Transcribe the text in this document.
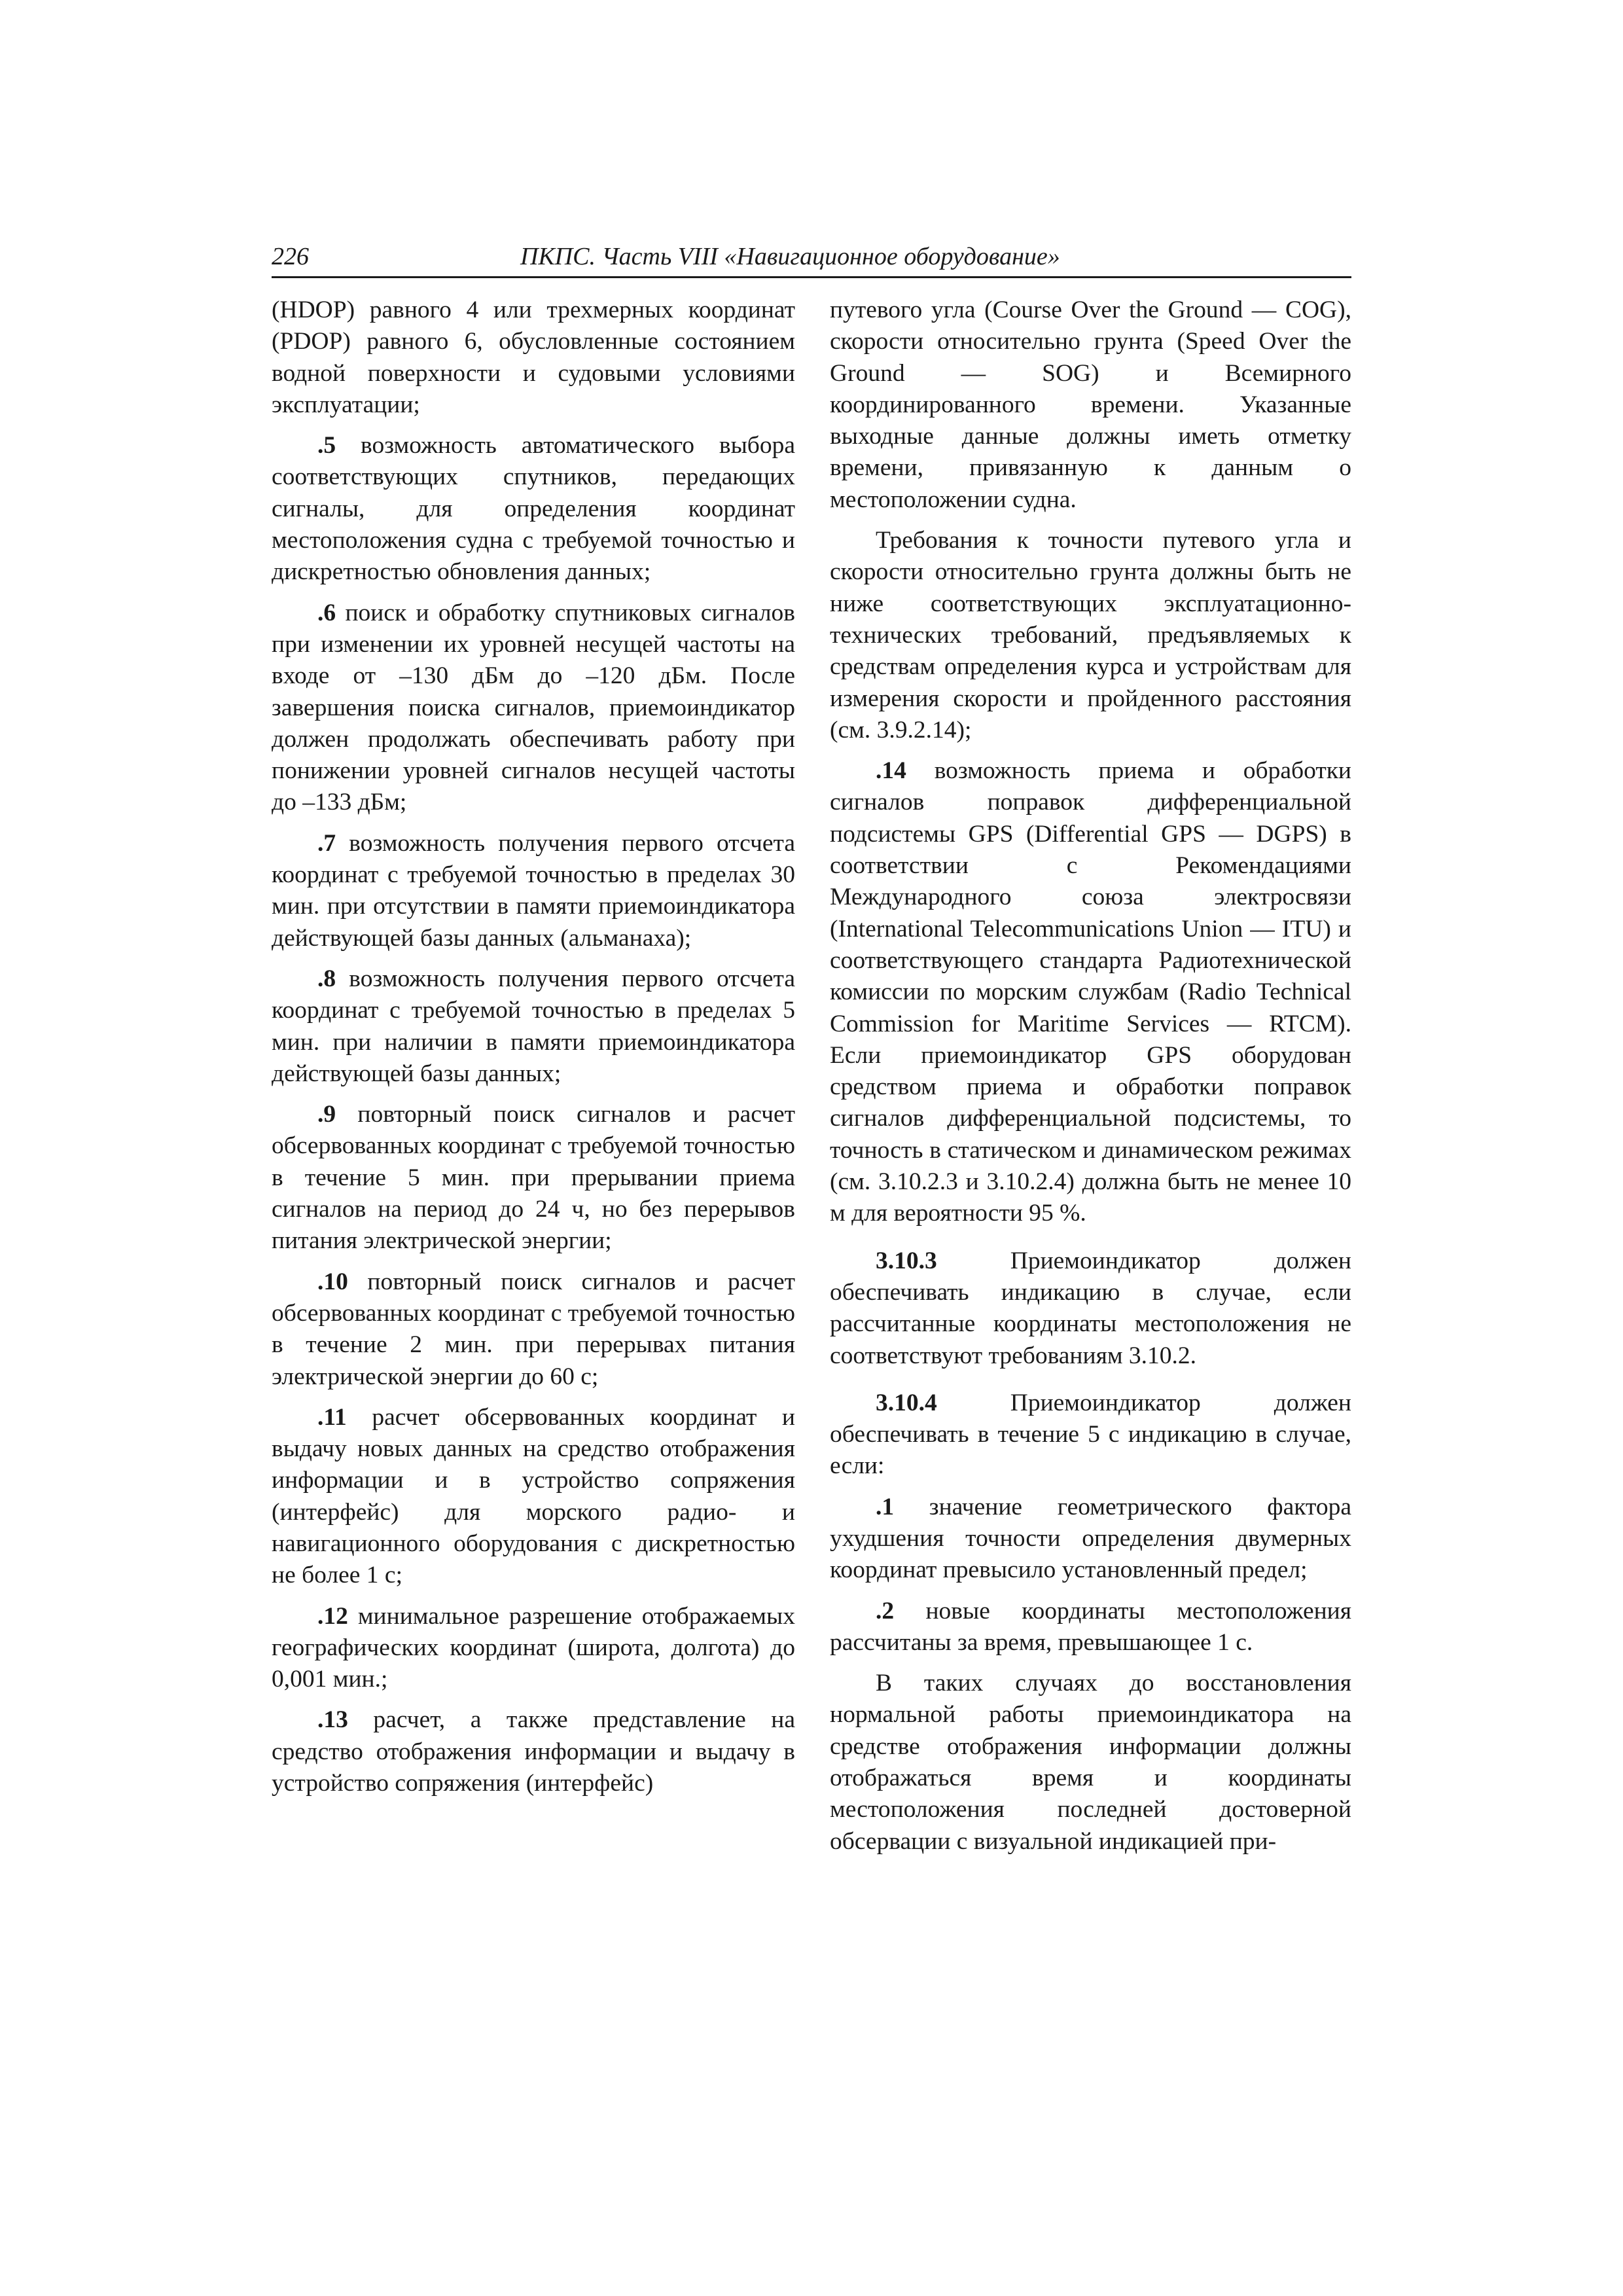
226	ПКПС. Часть VIII «Навигационное оборудование»

(HDOP) равного 4 или трехмерных координат (PDOP) равного 6, обусловленные состоянием водной поверхности и судовыми условиями эксплуатации;

.5 возможность автоматического выбора соответствующих спутников, передающих сигналы, для определения координат местоположения судна с требуемой точностью и дискретностью обновления данных;

.6 поиск и обработку спутниковых сигналов при изменении их уровней несущей частоты на входе от –130 дБм до –120 дБм. После завершения поиска сигналов, приемоиндикатор должен продолжать обеспечивать работу при понижении уровней сигналов несущей частоты до –133 дБм;

.7 возможность получения первого отсчета координат с требуемой точностью в пределах 30 мин. при отсутствии в памяти приемоиндикатора действующей базы данных (альманаха);

.8 возможность получения первого отсчета координат с требуемой точностью в пределах 5 мин. при наличии в памяти приемоиндикатора действующей базы данных;

.9 повторный поиск сигналов и расчет обсервованных координат с требуемой точностью в течение 5 мин. при прерывании приема сигналов на период до 24 ч, но без перерывов питания электрической энергии;

.10 повторный поиск сигналов и расчет обсервованных координат с требуемой точностью в течение 2 мин. при перерывах питания электрической энергии до 60 с;

.11 расчет обсервованных координат и выдачу новых данных на средство отображения информации и в устройство сопряжения (интерфейс) для морского радио- и навигационного оборудования с дискретностью не более 1 с;

.12 минимальное разрешение отображаемых географических координат (широта, долгота) до 0,001 мин.;

.13 расчет, а также представление на средство отображения информации и выдачу в устройство сопряжения (интерфейс)

путевого угла (Course Over the Ground — COG), скорости относительно грунта (Speed Over the Ground — SOG) и Всемирного координированного времени. Указанные выходные данные должны иметь отметку времени, привязанную к данным о местоположении судна.

Требования к точности путевого угла и скорости относительно грунта должны быть не ниже соответствующих эксплуатационно-технических требований, предъявляемых к средствам определения курса и устройствам для измерения скорости и пройденного расстояния (см. 3.9.2.14);

.14 возможность приема и обработки сигналов поправок дифференциальной подсистемы GPS (Differential GPS — DGPS) в соответствии с Рекомендациями Международного союза электросвязи (International Telecommunications Union — ITU) и соответствующего стандарта Радиотехнической комиссии по морским службам (Radio Technical Commission for Maritime Services — RTCM). Если приемоиндикатор GPS оборудован средством приема и обработки поправок сигналов дифференциальной подсистемы, то точность в статическом и динамическом режимах (см. 3.10.2.3 и 3.10.2.4) должна быть не менее 10 м для вероятности 95 %.

3.10.3 Приемоиндикатор должен обеспечивать индикацию в случае, если рассчитанные координаты местоположения не соответствуют требованиям 3.10.2.

3.10.4 Приемоиндикатор должен обеспечивать в течение 5 с индикацию в случае, если:

.1 значение геометрического фактора ухудшения точности определения двумерных координат превысило установленный предел;

.2 новые координаты местоположения рассчитаны за время, превышающее 1 с.

В таких случаях до восстановления нормальной работы приемоиндикатора на средстве отображения информации должны отображаться время и координаты местоположения последней достоверной обсервации с визуальной индикацией при-
